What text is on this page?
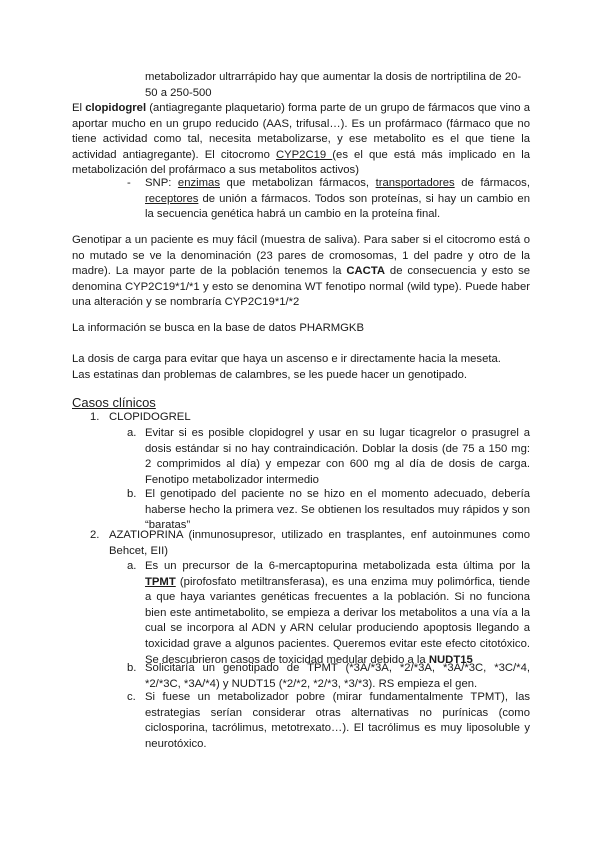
metabolizador ultrarrápido hay que aumentar la dosis de nortriptilina de 20-50 a 250-500

El clopidogrel (antiagregante plaquetario) forma parte de un grupo de fármacos que vino a aportar mucho en un grupo reducido (AAS, trifusal…). Es un profármaco (fármaco que no tiene actividad como tal, necesita metabolizarse, y ese metabolito es el que tiene la actividad antiagregante). El citocromo CYP2C19 (es el que está más implicado en la metabolización del profármaco a sus metabolitos activos)

- SNP: enzimas que metabolizan fármacos, transportadores de fármacos, receptores de unión a fármacos. Todos son proteínas, si hay un cambio en la secuencia genética habrá un cambio en la proteína final.

Genotipar a un paciente es muy fácil (muestra de saliva). Para saber si el citocromo está o no mutado se ve la denominación (23 pares de cromosomas, 1 del padre y otro de la madre). La mayor parte de la población tenemos la CACTA de consecuencia y esto se denomina CYP2C19*1/*1 y esto se denomina WT fenotipo normal (wild type). Puede haber una alteración y se nombraría CYP2C19*1/*2

La información se busca en la base de datos PHARMGKB

La dosis de carga para evitar que haya un ascenso e ir directamente hacia la meseta.

Las estatinas dan problemas de calambres, se les puede hacer un genotipado.

Casos clínicos

1. CLOPIDOGREL

a. Evitar si es posible clopidogrel y usar en su lugar ticagrelor o prasugrel a dosis estándar si no hay contraindicación. Doblar la dosis (de 75 a 150 mg: 2 comprimidos al día) y empezar con 600 mg al día de dosis de carga. Fenotipo metabolizador intermedio

b. El genotipado del paciente no se hizo en el momento adecuado, debería haberse hecho la primera vez. Se obtienen los resultados muy rápidos y son “baratas”

2. AZATIOPRINA (inmunosupresor, utilizado en trasplantes, enf autoinmunes como Behcet, EII)

a. Es un precursor de la 6-mercaptopurina metabolizada esta última por la TPMT (pirofosfato metiltransferasa), es una enzima muy polimórfica, tiende a que haya variantes genéticas frecuentes a la población. Si no funciona bien este antimetabolito, se empieza a derivar los metabolitos a una vía a la cual se incorpora al ADN y ARN celular produciendo apoptosis llegando a toxicidad grave a algunos pacientes. Queremos evitar este efecto citotóxico. Se descubrieron casos de toxicidad medular debido a la NUDT15

b. Solicitaría un genotipado de TPMT (*3A/*3A, *2/*3A, *3A/*3C, *3C/*4, *2/*3C, *3A/*4) y NUDT15 (*2/*2, *2/*3, *3/*3). RS empieza el gen.

c. Si fuese un metabolizador pobre (mirar fundamentalmente TPMT), las estrategias serían considerar otras alternativas no purínicas (como ciclosporina, tacrólimus, metotrexato…). El tacrólimus es muy liposoluble y neurotóxico.
